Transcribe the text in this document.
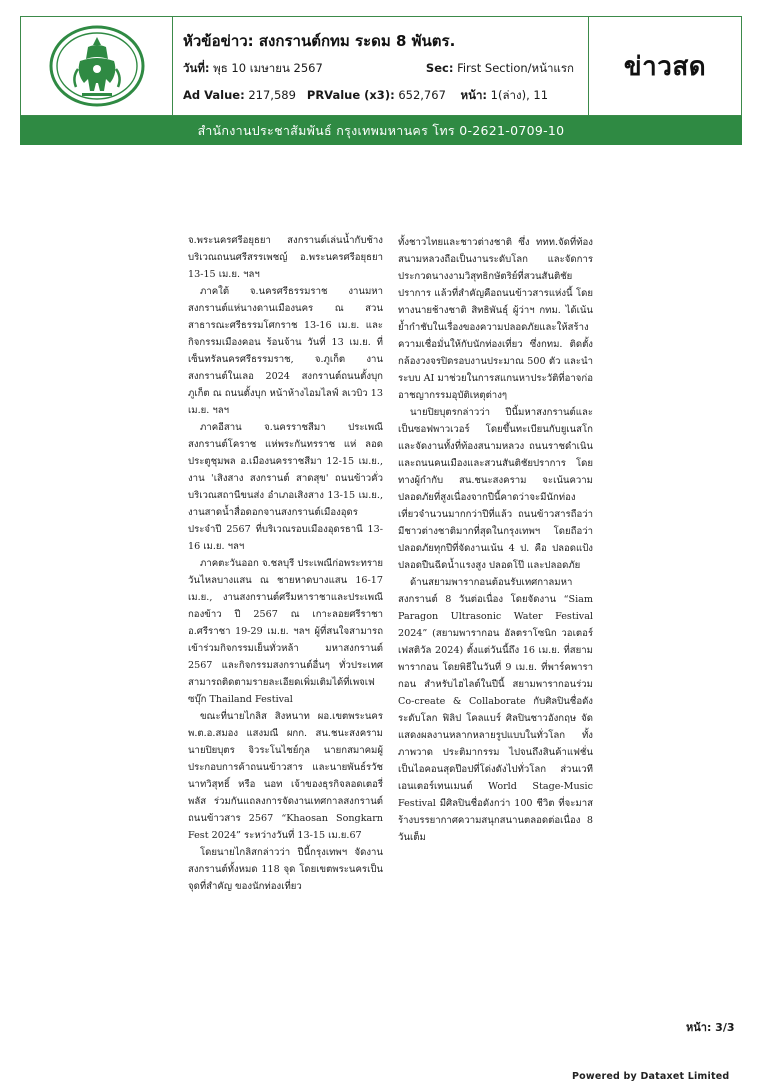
หัวข้อข่าว: สงกรานต์กทม ระดม 8 พันตร.
วันที่: พุธ 10 เมษายน 2567	Sec: First Section/หน้าแรก
Ad Value: 217,589 PRValue (x3): 652,767 หน้า: 1(ล่าง), 11
ข่าวสด
สำนักงานประชาสัมพันธ์ กรุงเทพมหานคร โทร 0-2621-0709-10

จ.พระนครศรีอยุธยา สงกรานต์เล่นน้ำกับช้าง บริเวณถนนศรีสรรเพชญ์ อ.พระนครศรีอยุธยา 13-15 เม.ย. ฯลฯ

ภาคใต้ จ.นครศรีธรรมราช งานมหาสงกรานต์แห่นางดานเมืองนคร ณ สวนสาธารณะศรีธรรมโศกราช 13-16 เม.ย. และกิจกรรมเมืองคอน ร้อนจ้าน วันที่ 13 เม.ย. ที่เซ็นทรัลนครศรีธรรมราช, จ.ภูเก็ต งานสงกรานต์ในเลอ 2024 สงกรานต์ถนนตั้งบุก ภูเก็ต ณ ถนนตั้งบุก หน้าห้างไอมไลฟ์ ลเวบิว 13 เม.ย. ฯลฯ

ภาคอีสาน จ.นครราชสีมา ประเพณีสงกรานต์โคราช แห่พระกันทรราช แห่ ลอดประตูชุมพล อ.เมืองนครราชสีมา 12-15 เม.ย., งาน 'เสิงสาง สงกรานต์ สาดสุข' ถนนข้าวคั่ว บริเวณสถานีขนส่ง อำเภอเสิงสาง 13-15 เม.ย., งานสาดน้ำสื่อดอกจานสงกรานต์เมืองอุดร ประจำปี 2567 ที่บริเวณรอบเมืองอุดรธานี 13-16 เม.ย. ฯลฯ

ภาคตะวันออก จ.ชลบุรี ประเพณีก่อพระทรายวันไหลบางแสน ณ ชายหาดบางแสน 16-17 เม.ย., งานสงกรานต์ศรีมหาราชาและประเพณีกองข้าว ปี 2567 ณ เกาะลอยศรีราชา อ.ศรีราชา 19-29 เม.ย. ฯลฯ ผู้ที่สนใจสามารถเข้าร่วมกิจกรรมเย็นทั่วหล้า มหาสงกรานต์ 2567 และกิจกรรมสงกรานต์อื่นๆ ทั่วประเทศ สามารถติดตามรายละเอียดเพิ่มเติมได้ที่เพจเฟซบุ๊ก Thailand Festival

ขณะที่นายไกลิส สิงหนาท ผอ.เขตพระนคร พ.ต.อ.สมอง แสงมณี ผกก. สน.ชนะสงคราม นายปิยบุตร จิวระโนไชย์กุล นายกสมาคมผู้ประกอบการค้าถนนข้าวสาร และนายพันธ์รวัชนาทวิสุทธิ์ หรือ นอท เจ้าของธุรกิจลอดเตอรี่พลัส ร่วมกันแถลงการจัดงานเทศกาลสงกรานต์ถนนข้าวสาร 2567 “Khaosan Songkarn Fest 2024” ระหว่างวันที่ 13-15 เม.ย.67

โดยนายไกลิสกล่าวว่า ปีนี้กรุงเทพฯ จัดงานสงกรานต์ทั้งหมด 118 จุด โดยเขตพระนครเป็นจุดที่สำคัญ ของนักท่องเที่ยว

ทั้งชาวไทยและชาวต่างชาติ ซึ่ง ททท.จัดที่ท้องสนามหลวงถือเป็นงานระดับโลก และจัดการประกวดนางงามวิสุทธิกษัตริย์ที่สวนสันติชัยปราการ แล้วที่สำคัญคือถนนข้าวสารแห่งนี้ โดยทางนายช้างชาติ สิทธิพันธุ์ ผู้ว่าฯ กทม. ได้เน้นย้ำกำชับในเรื่องของความปลอดภัยและให้สร้างความเชื่อมั่นให้กับนักท่องเที่ยว ซึ่งกทม. ติดตั้งกล้องวงจรปิดรอบงานประมาณ 500 ตัว และนำระบบ AI มาช่วยในการสแกนหาประวัติที่อาจก่ออาชญากรรมอุบัติเหตุต่างๆ

นายปิยบุตรกล่าวว่า ปีนี้มหาสงกรานต์และเป็นซอฟพาวเวอร์ โดยขึ้นทะเบียนกับยูเนสโก และจัดงานทั้งที่ท้องสนามหลวง ถนนราชดำเนินและถนนคนเมืองและสวนสันติชัยปราการ โดยทางผู้กำกับ สน.ชนะสงคราม จะเน้นความปลอดภัยที่สูงเนื่องจากปีนี้คาดว่าจะมีนักท่องเที่ยวจำนวนมากกว่าปีที่แล้ว ถนนข้าวสารถือว่ามีชาวต่างชาติมากที่สุดในกรุงเทพฯ โดยถือว่าปลอดภัยทุกปีที่จัดงานเน้น 4 ป. คือ ปลอดแป้ง ปลอดปืนฉีดน้ำแรงสูง ปลอดโป๊ และปลอดภัย

ด้านสยามพารากอนต้อนรับเทศกาลมหาสงกรานต์ 8 วันต่อเนื่อง โดยจัดงาน “Siam Paragon Ultrasonic Water Festival 2024” (สยามพารากอน อัลตราโซนิก วอเตอร์เฟสติวัล 2024) ตั้งแต่วันนี้ถึง 16 เม.ย. ที่สยามพารากอน โดยพิธีในวันที่ 9 เม.ย. ที่พาร์คพารากอน สำหรับไฮไลต์ในปีนี้ สยามพารากอนร่วม Co-create & Collaborate กับศิลปินชื่อดังระดับโลก ฟิลิป โคลแบร์ ศิลปินชาวอังกฤษ จัดแสดงผลงานหลากหลายรูปแบบในทั่วโลก ทั้งภาพวาด ประติมากรรม ไปจนถึงสินค้าแฟชั่น เป็นไอคอนสุดป๊อปที่โด่งดังไปทั่วโลก ส่วนเวทีเอนเตอร์เทนเมนต์ World Stage-Music Festival มีศิลปินชื่อดังกว่า 100 ชีวิต ที่จะมาสร้างบรรยากาศความสนุกสนานตลอดต่อเนื่อง 8 วันเต็ม

หน้า: 3/3
Powered by Dataxet Limited
